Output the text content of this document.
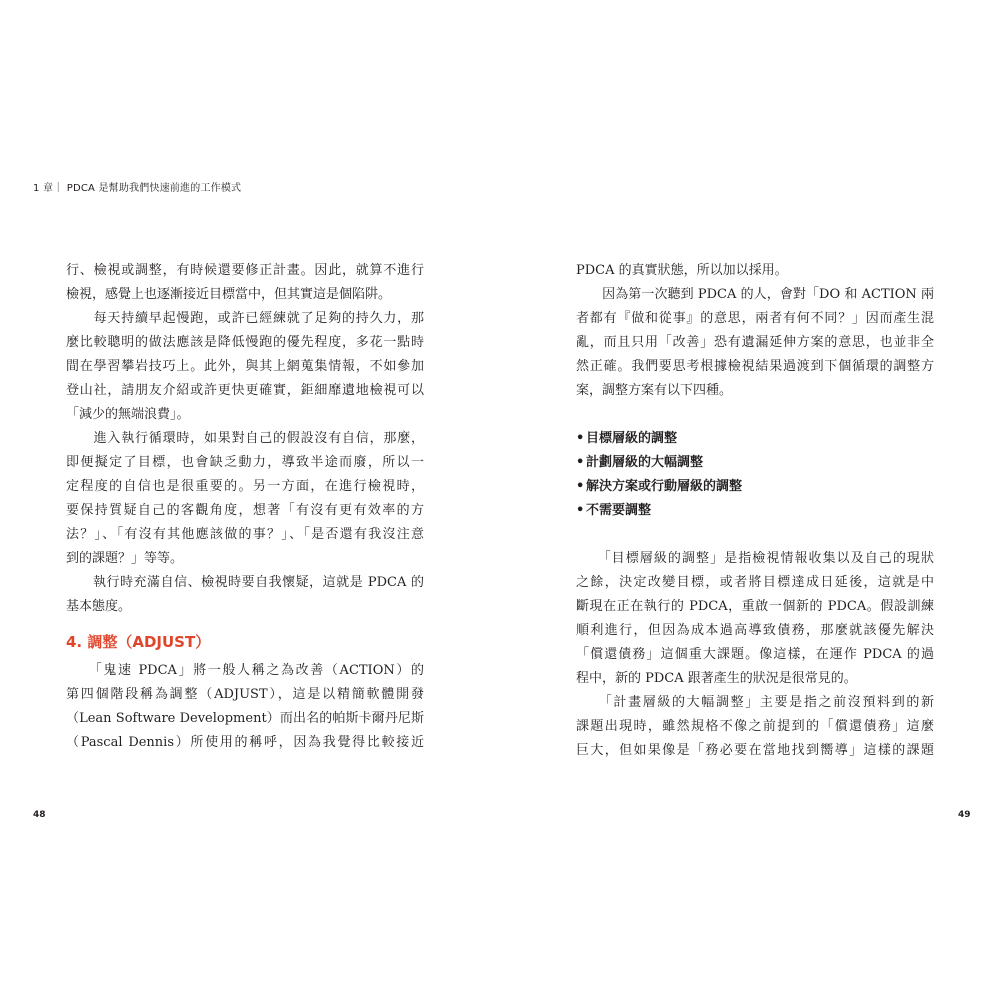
1 章｜ PDCA 是幫助我們快速前進的工作模式
行、檢視或調整，有時候還要修正計畫。因此，就算不進行
檢視，感覺上也逐漸接近目標當中，但其實這是個陷阱。
　　每天持續早起慢跑，或許已經練就了足夠的持久力，那
麼比較聰明的做法應該是降低慢跑的優先程度，多花一點時
間在學習攀岩技巧上。此外，與其上網蒐集情報，不如參加
登山社，請朋友介紹或許更快更確實，鉅細靡遺地檢視可以
「減少的無端浪費」。
　　進入執行循環時，如果對自己的假設沒有自信，那麼，
即便擬定了目標，也會缺乏動力，導致半途而廢，所以一
定程度的自信也是很重要的。另一方面，在進行檢視時，
要保持質疑自己的客觀角度，想著「有沒有更有效率的方
法？」、「有沒有其他應該做的事？」、「是否還有我沒注意
到的課題？」等等。
　　執行時充滿自信、檢視時要自我懷疑，這就是 PDCA 的
基本態度。
4. 調整（ADJUST）
　　「鬼速 PDCA」將一般人稱之為改善（ACTION）的
第四個階段稱為調整（ADJUST），這是以精簡軟體開發
（Lean Software Development）而出名的帕斯卡爾丹尼斯
（Pascal Dennis）所使用的稱呼，因為我覺得比較接近
PDCA 的真實狀態，所以加以採用。
　　因為第一次聽到 PDCA 的人，會對「DO 和 ACTION 兩
者都有『做和從事』的意思，兩者有何不同？」因而產生混
亂，而且只用「改善」恐有遺漏延伸方案的意思，也並非全
然正確。我們要思考根據檢視結果過渡到下個循環的調整方
案，調整方案有以下四種。
• 目標層級的調整
• 計劃層級的大幅調整
• 解決方案或行動層級的調整
• 不需要調整
　　「目標層級的調整」是指檢視情報收集以及自己的現狀
之餘，決定改變目標，或者將目標達成日延後，這就是中
斷現在正在執行的 PDCA，重啟一個新的 PDCA。假設訓練
順利進行，但因為成本過高導致債務，那麼就該優先解決
「償還債務」這個重大課題。像這樣，在運作 PDCA 的過
程中，新的 PDCA 跟著產生的狀況是很常見的。
　　「計畫層級的大幅調整」主要是指之前沒預料到的新
課題出現時，雖然規格不像之前提到的「償還債務」這麼
巨大，但如果像是「務必要在當地找到嚮導」這樣的課題
48	49
